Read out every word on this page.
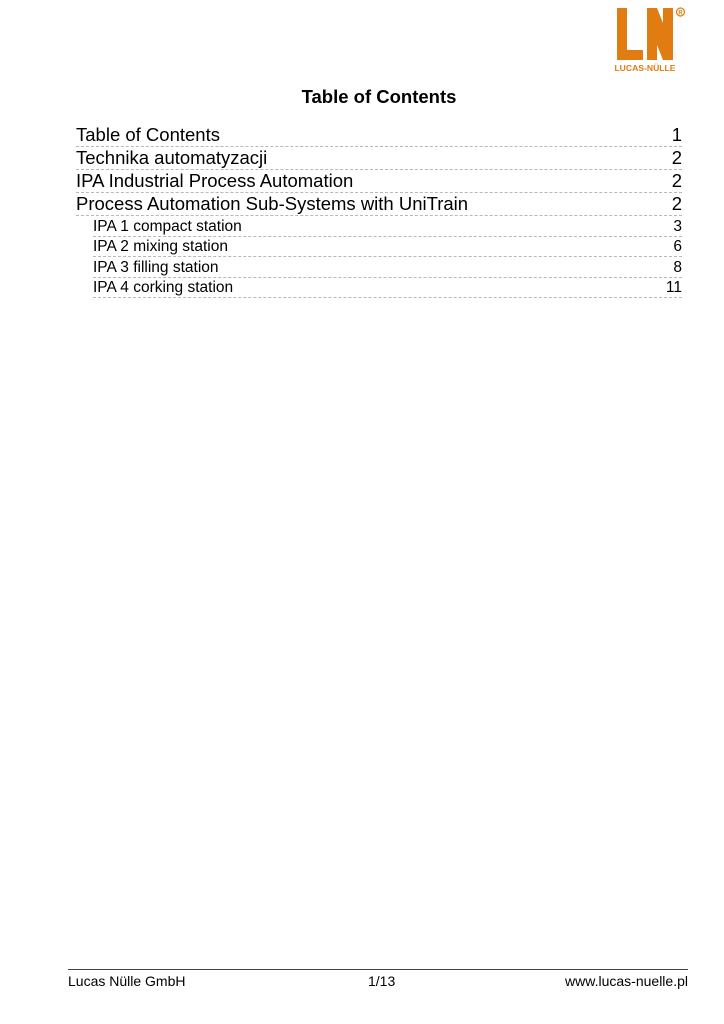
R
LUCAS-NÜLLE
Table of Contents
Table of Contents	1
Technika automatyzacji	2
IPA Industrial Process Automation	2
Process Automation Sub-Systems with UniTrain	2
IPA 1 compact station	3
IPA 2 mixing station	6
IPA 3 filling station	8
IPA 4 corking station	11
Lucas Nülle GmbH	1/13	www.lucas-nuelle.pl
